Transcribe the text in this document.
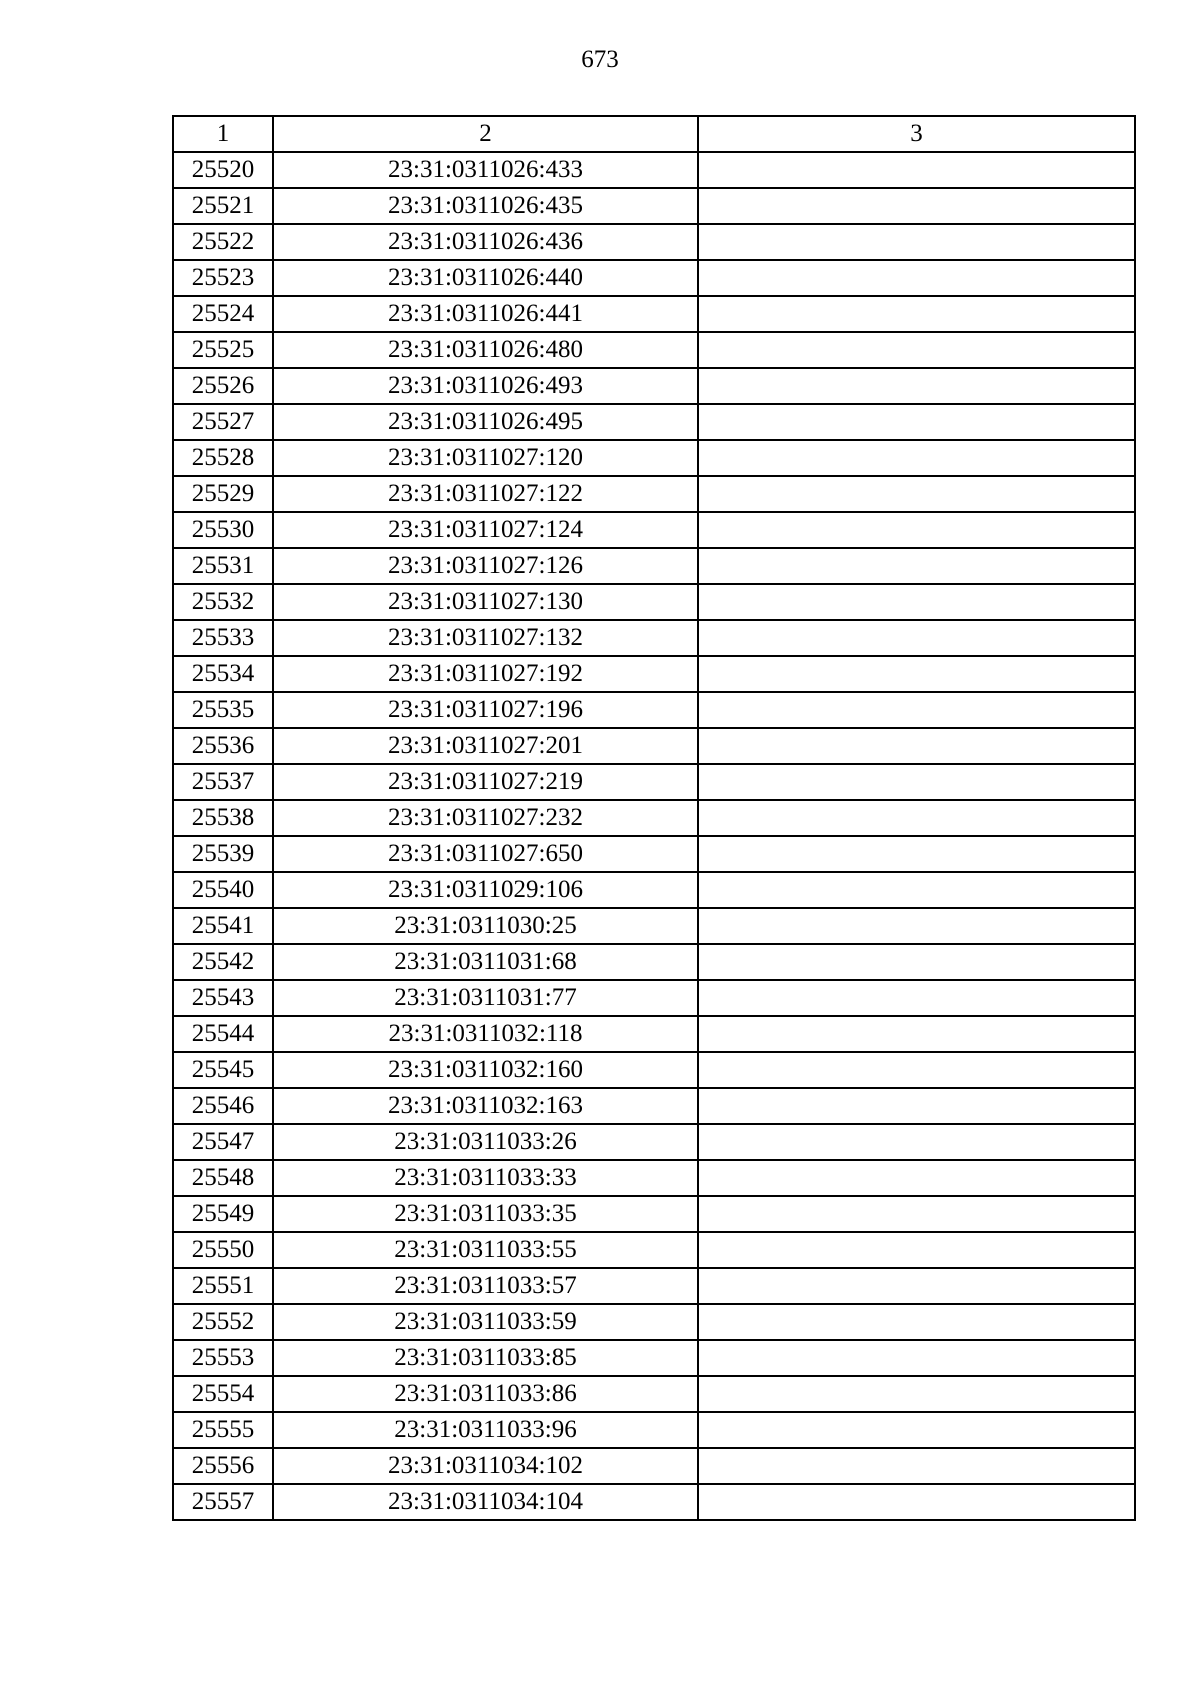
673
1	2	3
25520	23:31:0311026:433	
25521	23:31:0311026:435	
25522	23:31:0311026:436	
25523	23:31:0311026:440	
25524	23:31:0311026:441	
25525	23:31:0311026:480	
25526	23:31:0311026:493	
25527	23:31:0311026:495	
25528	23:31:0311027:120	
25529	23:31:0311027:122	
25530	23:31:0311027:124	
25531	23:31:0311027:126	
25532	23:31:0311027:130	
25533	23:31:0311027:132	
25534	23:31:0311027:192	
25535	23:31:0311027:196	
25536	23:31:0311027:201	
25537	23:31:0311027:219	
25538	23:31:0311027:232	
25539	23:31:0311027:650	
25540	23:31:0311029:106	
25541	23:31:0311030:25	
25542	23:31:0311031:68	
25543	23:31:0311031:77	
25544	23:31:0311032:118	
25545	23:31:0311032:160	
25546	23:31:0311032:163	
25547	23:31:0311033:26	
25548	23:31:0311033:33	
25549	23:31:0311033:35	
25550	23:31:0311033:55	
25551	23:31:0311033:57	
25552	23:31:0311033:59	
25553	23:31:0311033:85	
25554	23:31:0311033:86	
25555	23:31:0311033:96	
25556	23:31:0311034:102	
25557	23:31:0311034:104	
